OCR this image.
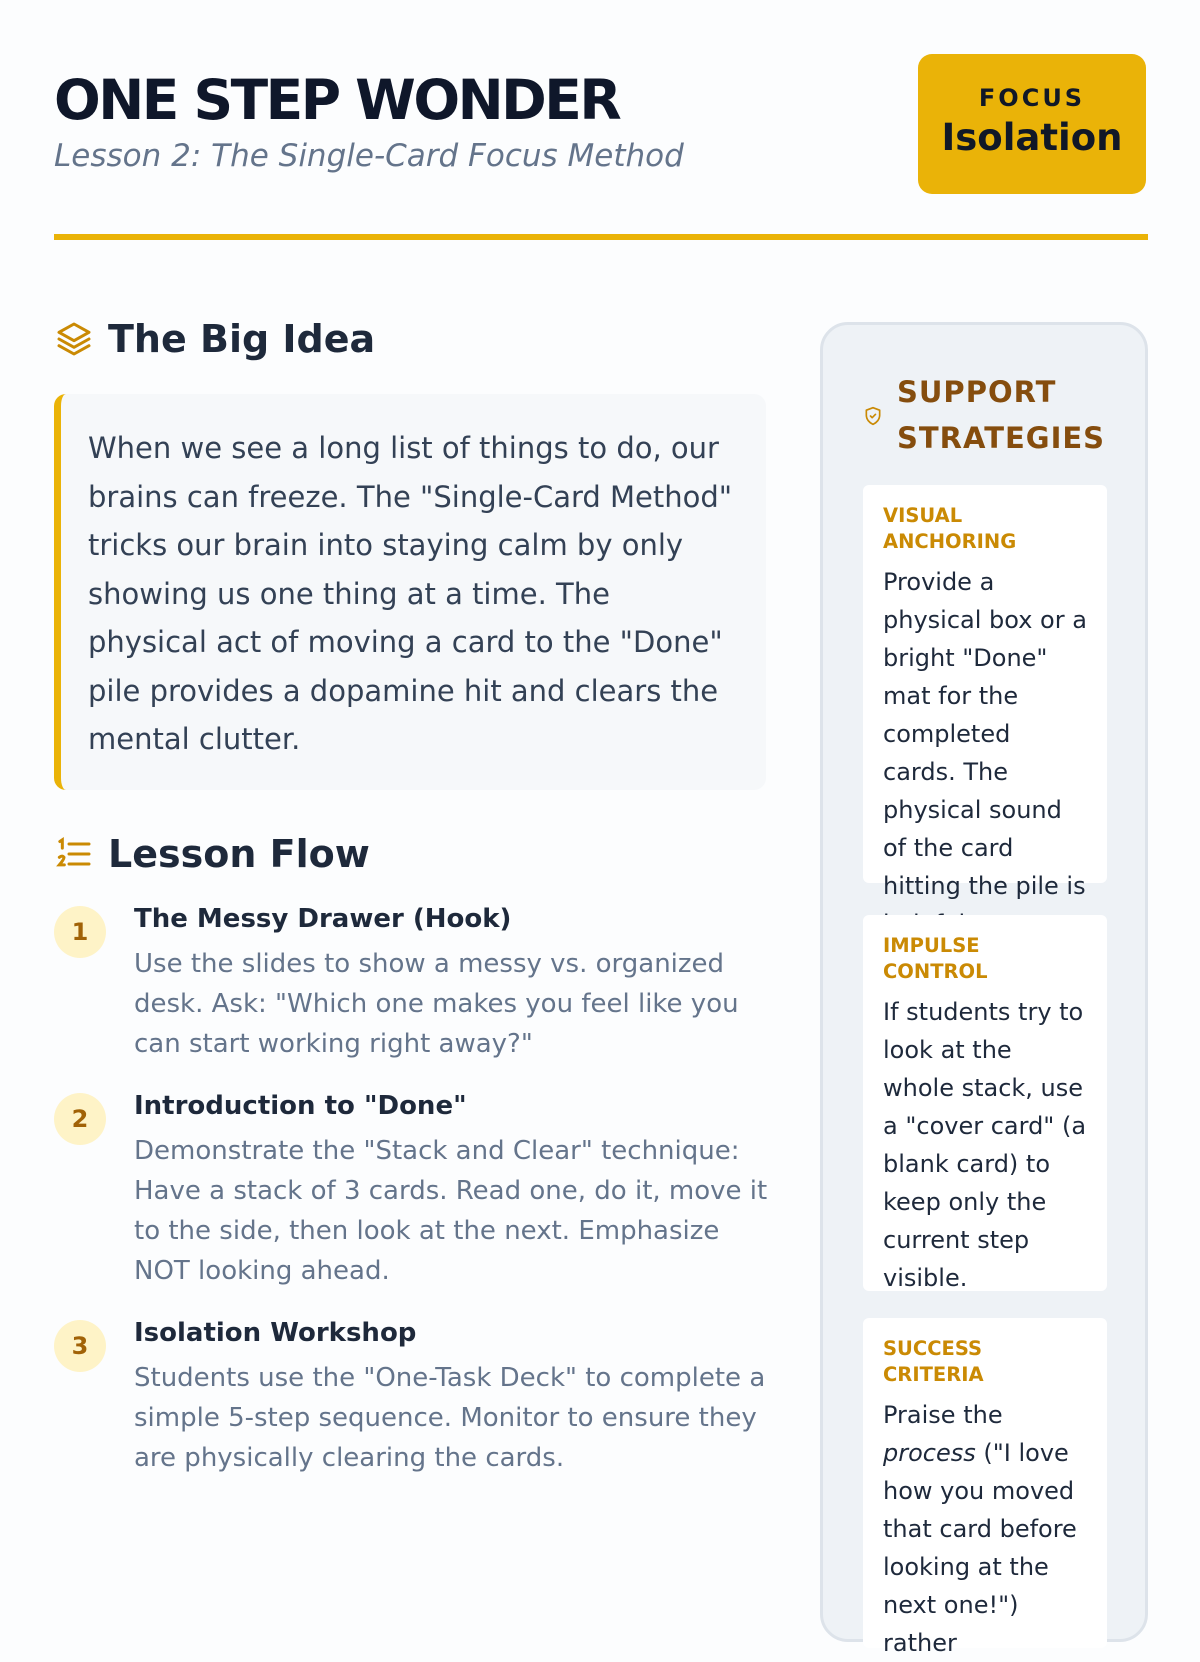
ONE STEP WONDER
Lesson 2: The Single-Card Focus Method
FOCUS
Isolation
The Big Idea

When we see a long list of things to do, our brains can freeze. The "Single-Card Method" tricks our brain into staying calm by only showing us one thing at a time. The physical act of moving a card to the "Done" pile provides a dopamine hit and clears the mental clutter.

Lesson Flow
1	The Messy Drawer (Hook)
Use the slides to show a messy vs. organized desk. Ask: "Which one makes you feel like you can start working right away?"
2	Introduction to "Done"
Demonstrate the "Stack and Clear" technique: Have a stack of 3 cards. Read one, do it, move it to the side, then look at the next. Emphasize NOT looking ahead.
3	Isolation Workshop
Students use the "One-Task Deck" to complete a simple 5-step sequence. Monitor to ensure they are physically clearing the cards.
SUPPORT STRATEGIES
VISUAL ANCHORING
Provide a physical box or a bright "Done" mat for the completed cards. The physical sound of the card hitting the pile is
IMPULSE CONTROL
If students try to look at the whole stack, use a "cover card" (a blank card) to keep only the current step visible.
SUCCESS CRITERIA
Praise the process ("I love how you moved that card before looking at the next one!") rather
